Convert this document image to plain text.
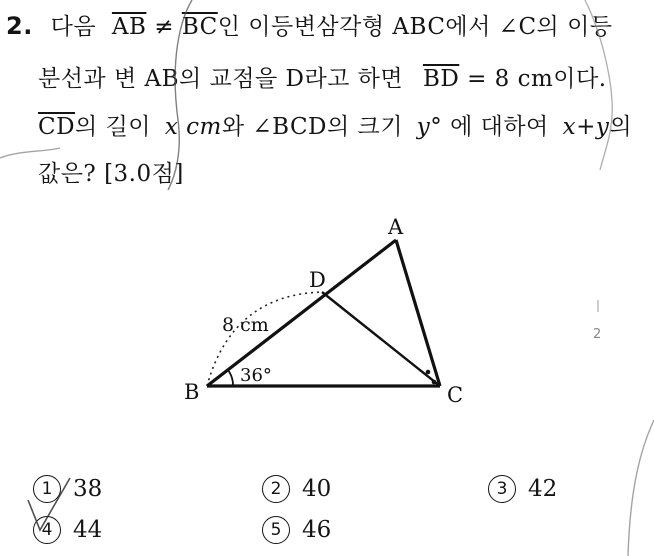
2. 다음 $\overline{AB} \ne \overline{BC}$인 이등변삼각형 ABC에서 ∠C의 이등
분선과 변 AB의 교점을 D라고 하면 $\overline{BD} = 8$ cm이다.
$\overline{CD}$의 길이 x cm와 ∠BCD의 크기 y° 에 대하여 x+y의
값은? [3.0점]
A
B	C
D
8 cm
36°
1 38	2 40	3 42
4 44	5 46
2
